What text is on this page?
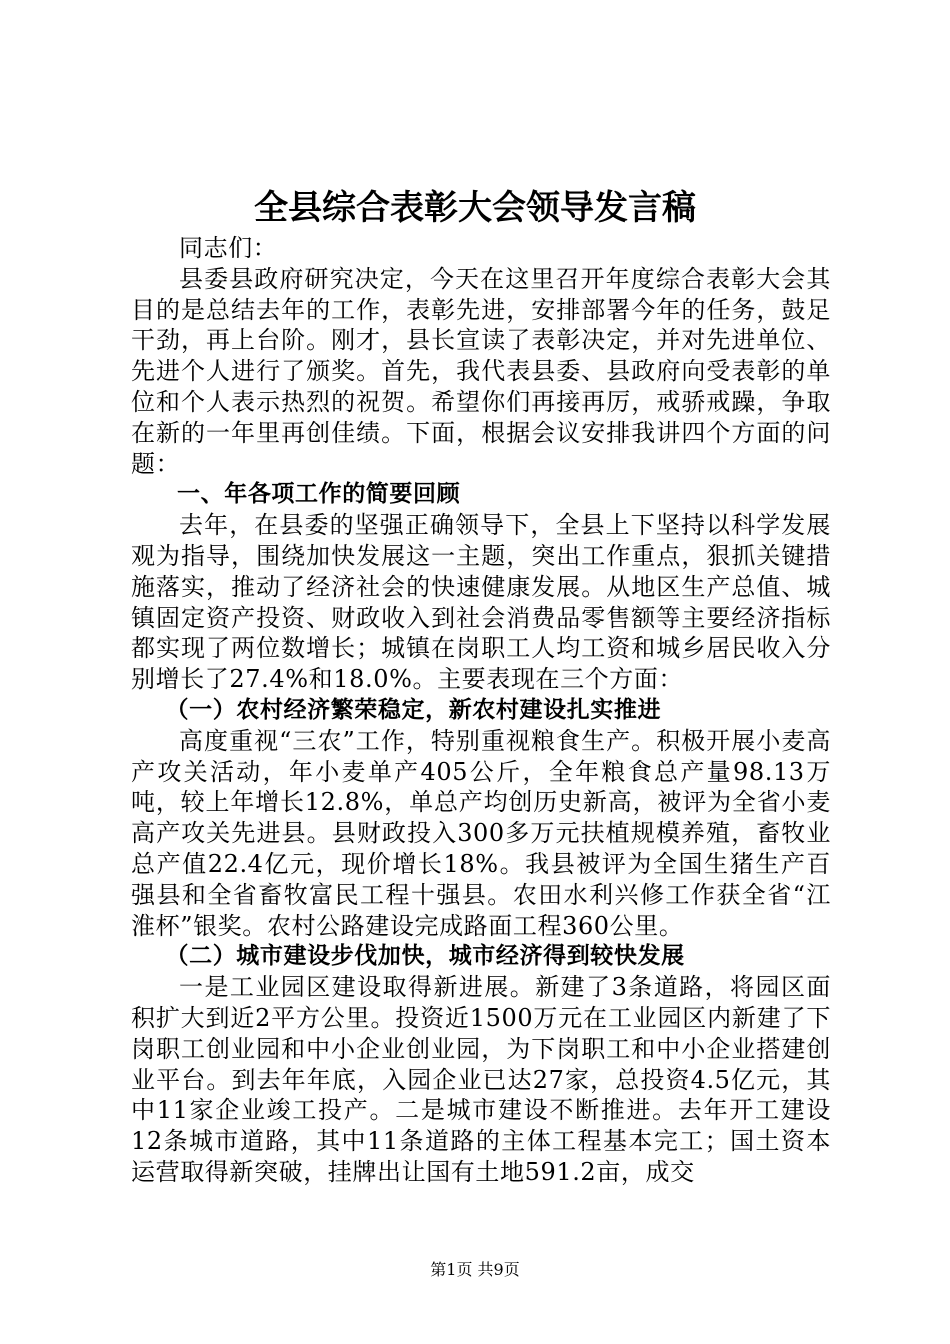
全县综合表彰大会领导发言稿

同志们：

县委县政府研究决定，今天在这里召开年度综合表彰大会其目的是总结去年的工作，表彰先进，安排部署今年的任务，鼓足干劲，再上台阶。刚才，县长宣读了表彰决定，并对先进单位、先进个人进行了颁奖。首先，我代表县委、县政府向受表彰的单位和个人表示热烈的祝贺。希望你们再接再厉，戒骄戒躁，争取在新的一年里再创佳绩。下面，根据会议安排我讲四个方面的问题：

一、年各项工作的简要回顾

去年，在县委的坚强正确领导下，全县上下坚持以科学发展观为指导，围绕加快发展这一主题，突出工作重点，狠抓关键措施落实，推动了经济社会的快速健康发展。从地区生产总值、城镇固定资产投资、财政收入到社会消费品零售额等主要经济指标都实现了两位数增长；城镇在岗职工人均工资和城乡居民收入分别增长了27.4%和18.0%。主要表现在三个方面：

（一）农村经济繁荣稳定，新农村建设扎实推进

高度重视“三农”工作，特别重视粮食生产。积极开展小麦高产攻关活动，年小麦单产405公斤，全年粮食总产量98.13万吨，较上年增长12.8%，单总产均创历史新高，被评为全省小麦高产攻关先进县。县财政投入300多万元扶植规模养殖，畜牧业总产值22.4亿元，现价增长18%。我县被评为全国生猪生产百强县和全省畜牧富民工程十强县。农田水利兴修工作获全省“江淮杯”银奖。农村公路建设完成路面工程360公里。

（二）城市建设步伐加快，城市经济得到较快发展

一是工业园区建设取得新进展。新建了3条道路，将园区面积扩大到近2平方公里。投资近1500万元在工业园区内新建了下岗职工创业园和中小企业创业园，为下岗职工和中小企业搭建创业平台。到去年年底，入园企业已达27家，总投资4.5亿元，其中11家企业竣工投产。二是城市建设不断推进。去年开工建设12条城市道路，其中11条道路的主体工程基本完工；国土资本运营取得新突破，挂牌出让国有土地591.2亩，成交

第1页 共9页
